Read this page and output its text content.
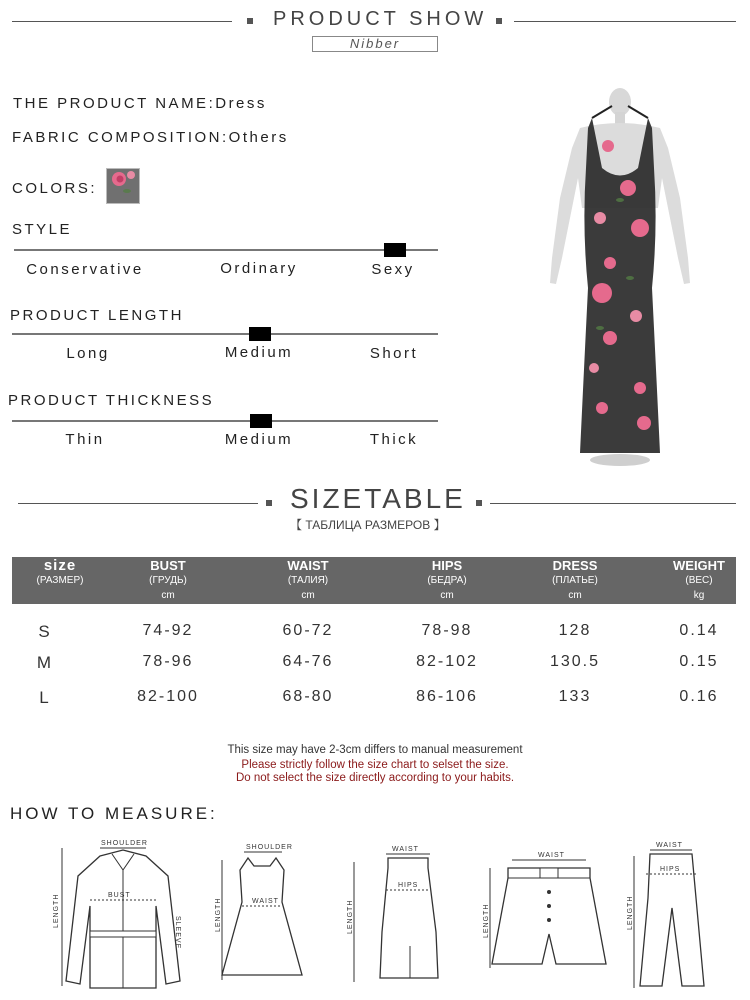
PRODUCT SHOW
Nibber
THE PRODUCT NAME:Dress
FABRIC COMPOSITION:Others
COLORS:
STYLE
Conservative	Ordinary	Sexy
PRODUCT LENGTH
Long	Medium	Short
PRODUCT THICKNESS
Thin	Medium	Thick
SIZETABLE
【 ТАБЛИЦА РАЗМЕРОВ 】
size
(РАЗМЕР)
BUST
(ГРУДЬ)
cm
WAIST
(ТАЛИЯ)
cm
HIPS
(БЕДРА)
cm
DRESS
(ПЛАТЬЕ)
cm
WEIGHT
(ВЕС)
kg
S	74-92	60-72	78-98	128	0.14
M	78-96	64-76	82-102	130.5	0.15
L	82-100	68-80	86-106	133	0.16
This size may have 2-3cm differs to manual measurement
Please strictly follow the size chart to selset the size.
Do not select the size directly according to your habits.
HOW TO MEASURE:
SHOULDER
LENGTH	BUST
SLEEVE
SHOULDER
LENGTH	WAIST
WAIST
LENGTH
HIPS
WAIST
LENGTH
WAIST
LENGTH
HIPS
